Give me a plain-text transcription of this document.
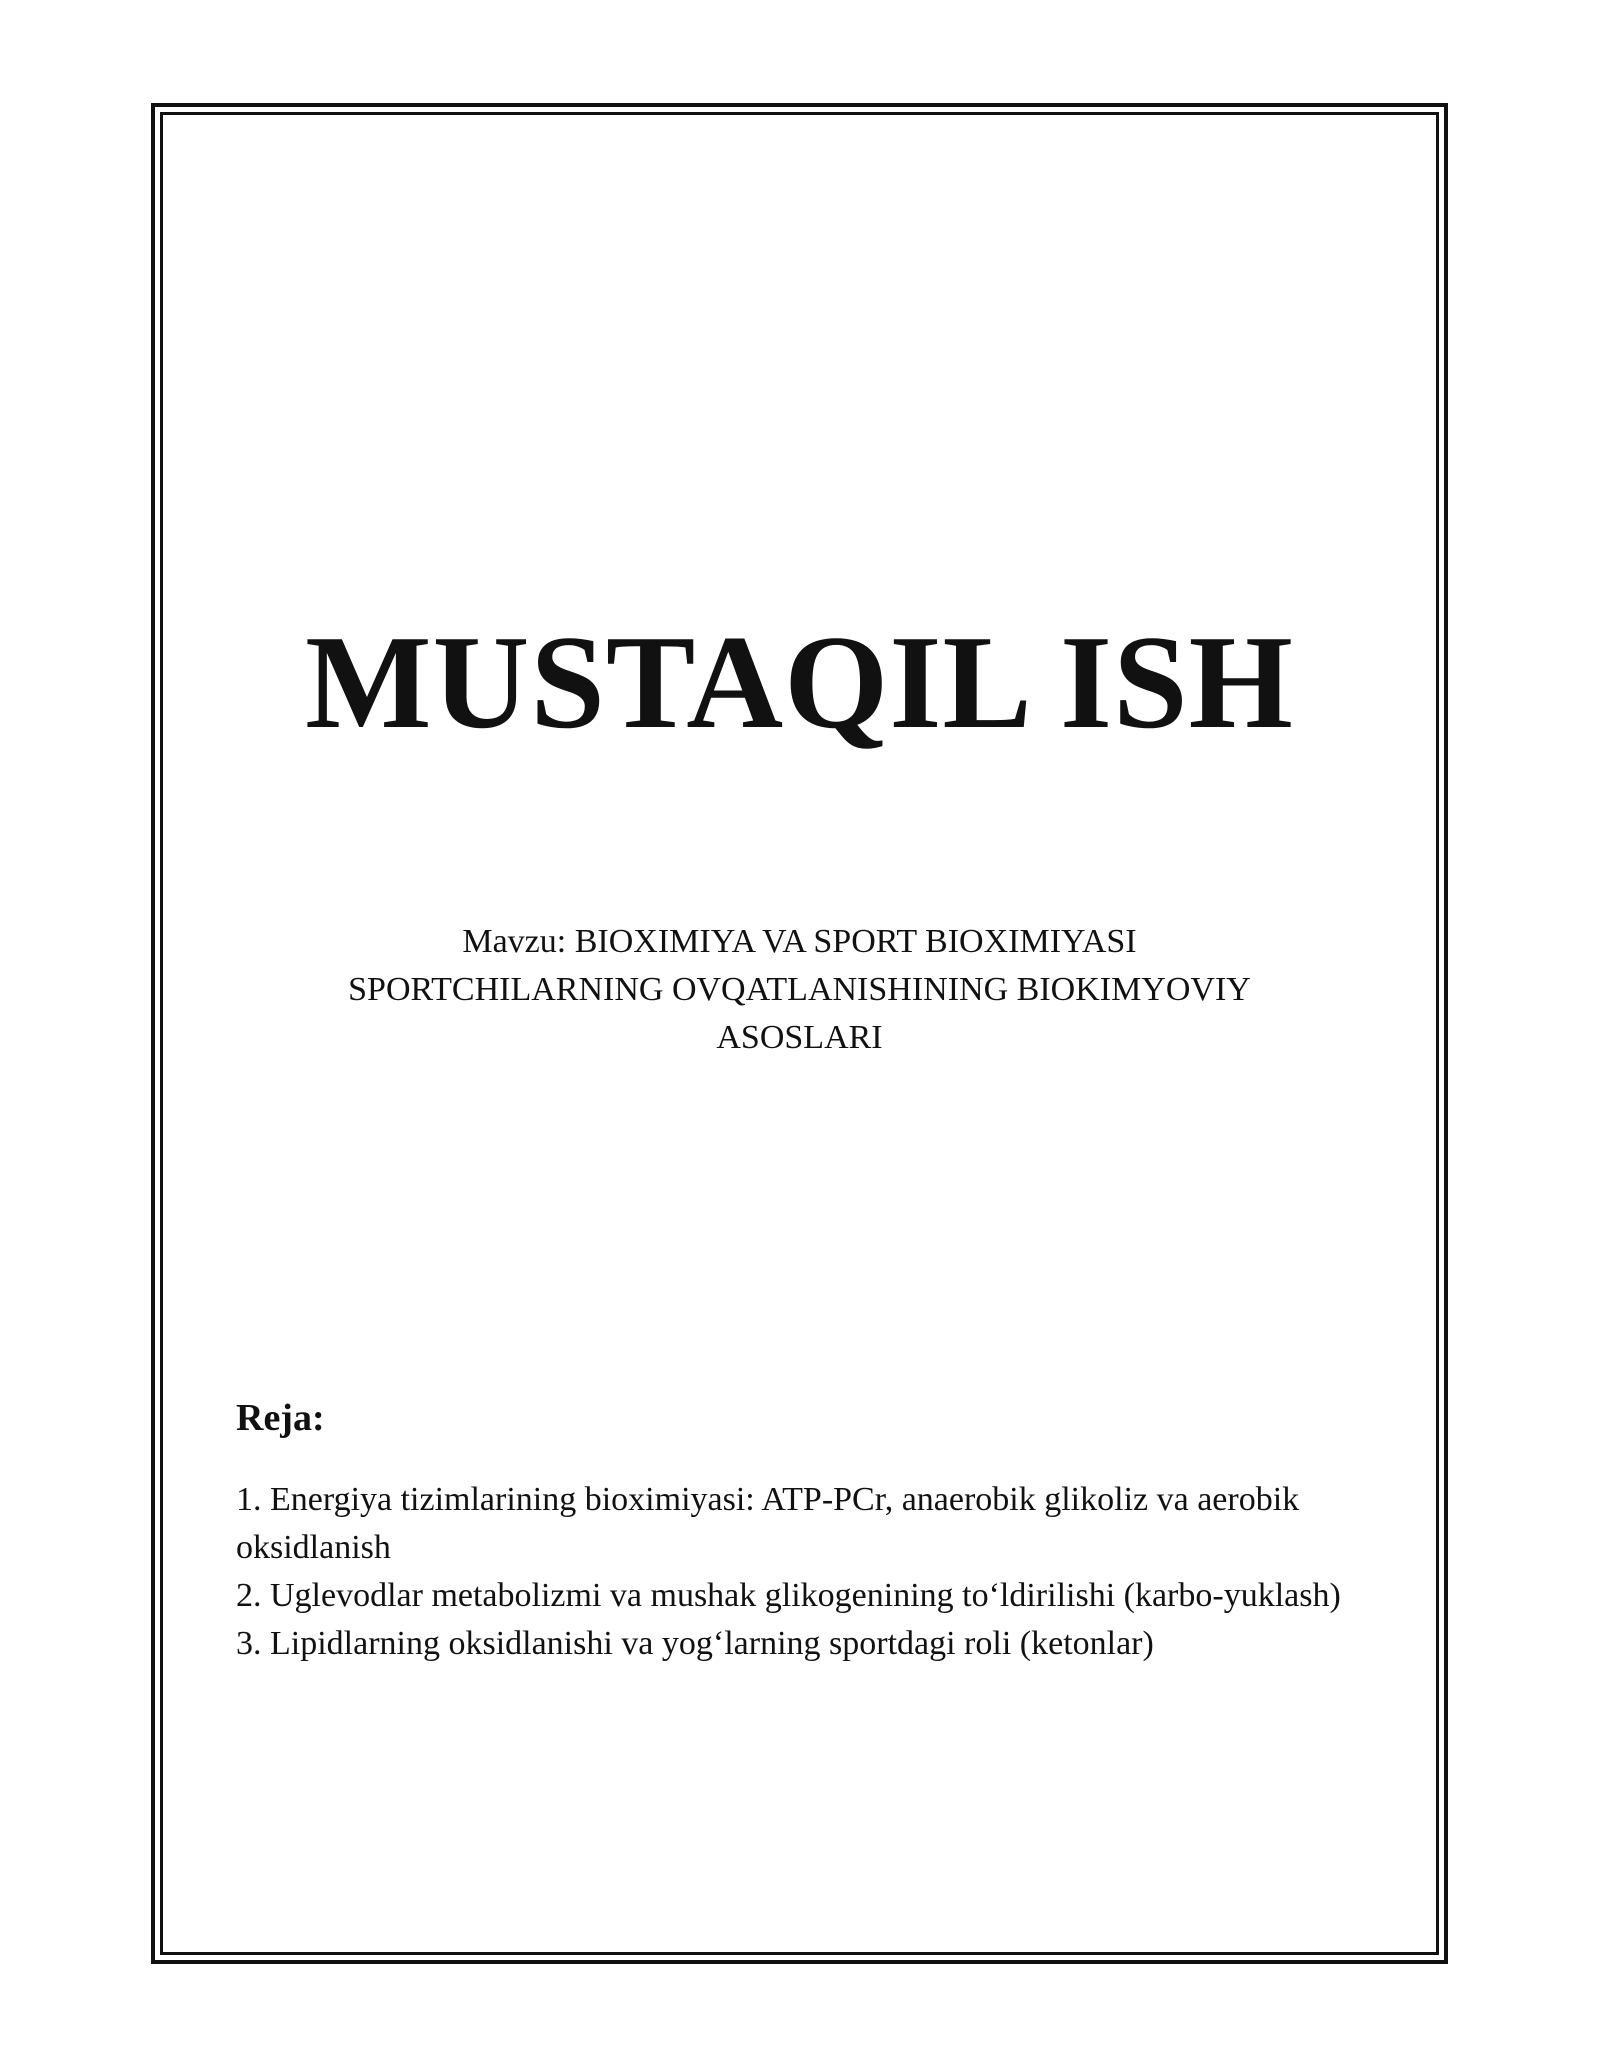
MUSTAQIL ISH
Mavzu: BIOXIMIYA VA SPORT BIOXIMIYASI
SPORTCHILARNING OVQATLANISHINING BIOKIMYOVIY
ASOSLARI
Reja:
1. Energiya tizimlarining bioximiyasi: ATP-PCr, anaerobik glikoliz va aerobik oksidlanish
2. Uglevodlar metabolizmi va mushak glikogenining to‘ldirilishi (karbo-yuklash)
3. Lipidlarning oksidlanishi va yog‘larning sportdagi roli (ketonlar)
